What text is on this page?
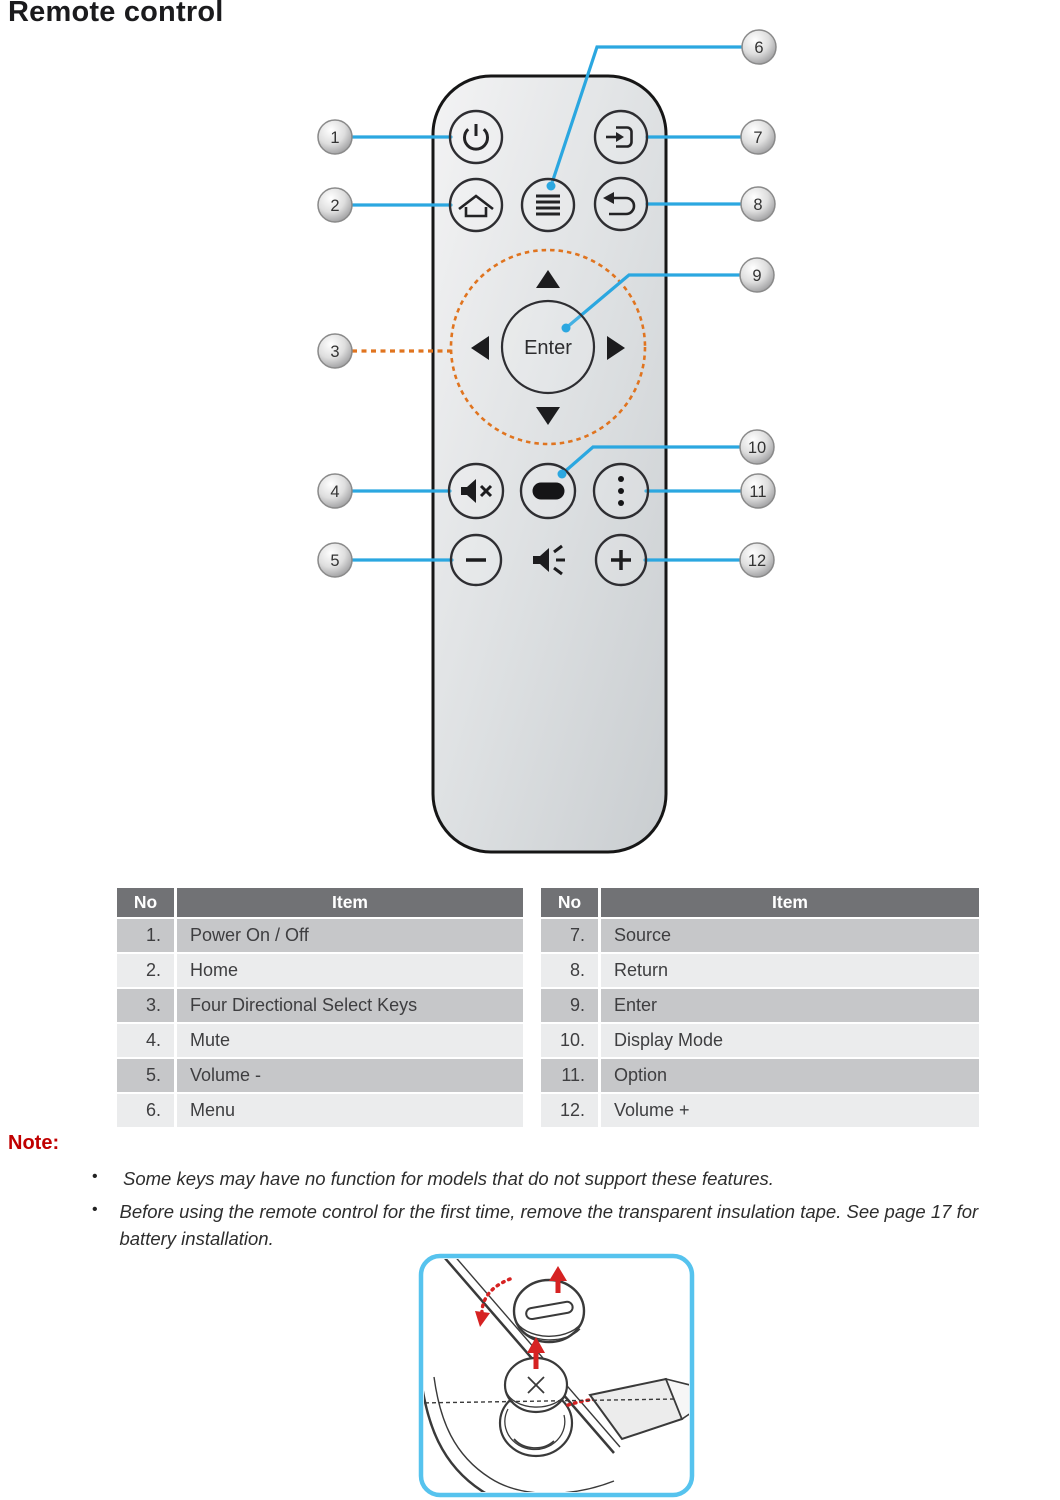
Remote control
Enter
1
2
3
4
5
6
7
8
9
10
11
12
No	Item
1.	Power On / Off
2.	Home
3.	Four Directional Select Keys
4.	Mute
5.	Volume -
6.	Menu
No	Item
7.	Source
8.	Return
9.	Enter
10.	Display Mode
11.	Option
12.	Volume +
Note:
•	Some keys may have no function for models that do not support these features.
•	Before using the remote control for the first time, remove the transparent insulation tape. See page 17 for battery installation.
